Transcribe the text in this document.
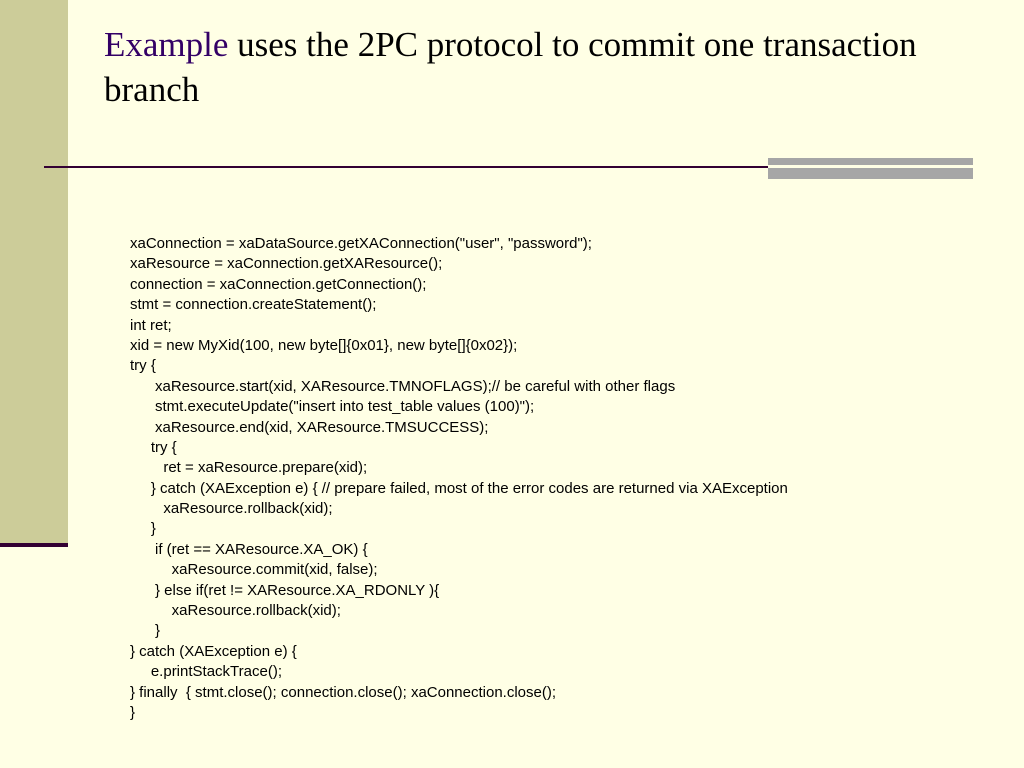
Example uses the 2PC protocol to commit one transaction branch
xaConnection = xaDataSource.getXAConnection("user", "password");
xaResource = xaConnection.getXAResource();
connection = xaConnection.getConnection();
stmt = connection.createStatement();
int ret;
xid = new MyXid(100, new byte[]{0x01}, new byte[]{0x02});
try {
xaResource.start(xid, XAResource.TMNOFLAGS);// be careful with other flags
stmt.executeUpdate("insert into test_table values (100)");
xaResource.end(xid, XAResource.TMSUCCESS);
try {
ret = xaResource.prepare(xid);
} catch (XAException e) { // prepare failed, most of the error codes are returned via XAException
xaResource.rollback(xid);
}
if (ret == XAResource.XA_OK) {
xaResource.commit(xid, false);
} else if(ret != XAResource.XA_RDONLY ){
xaResource.rollback(xid);
}
} catch (XAException e) {
e.printStackTrace();
} finally  { stmt.close(); connection.close(); xaConnection.close();
}
